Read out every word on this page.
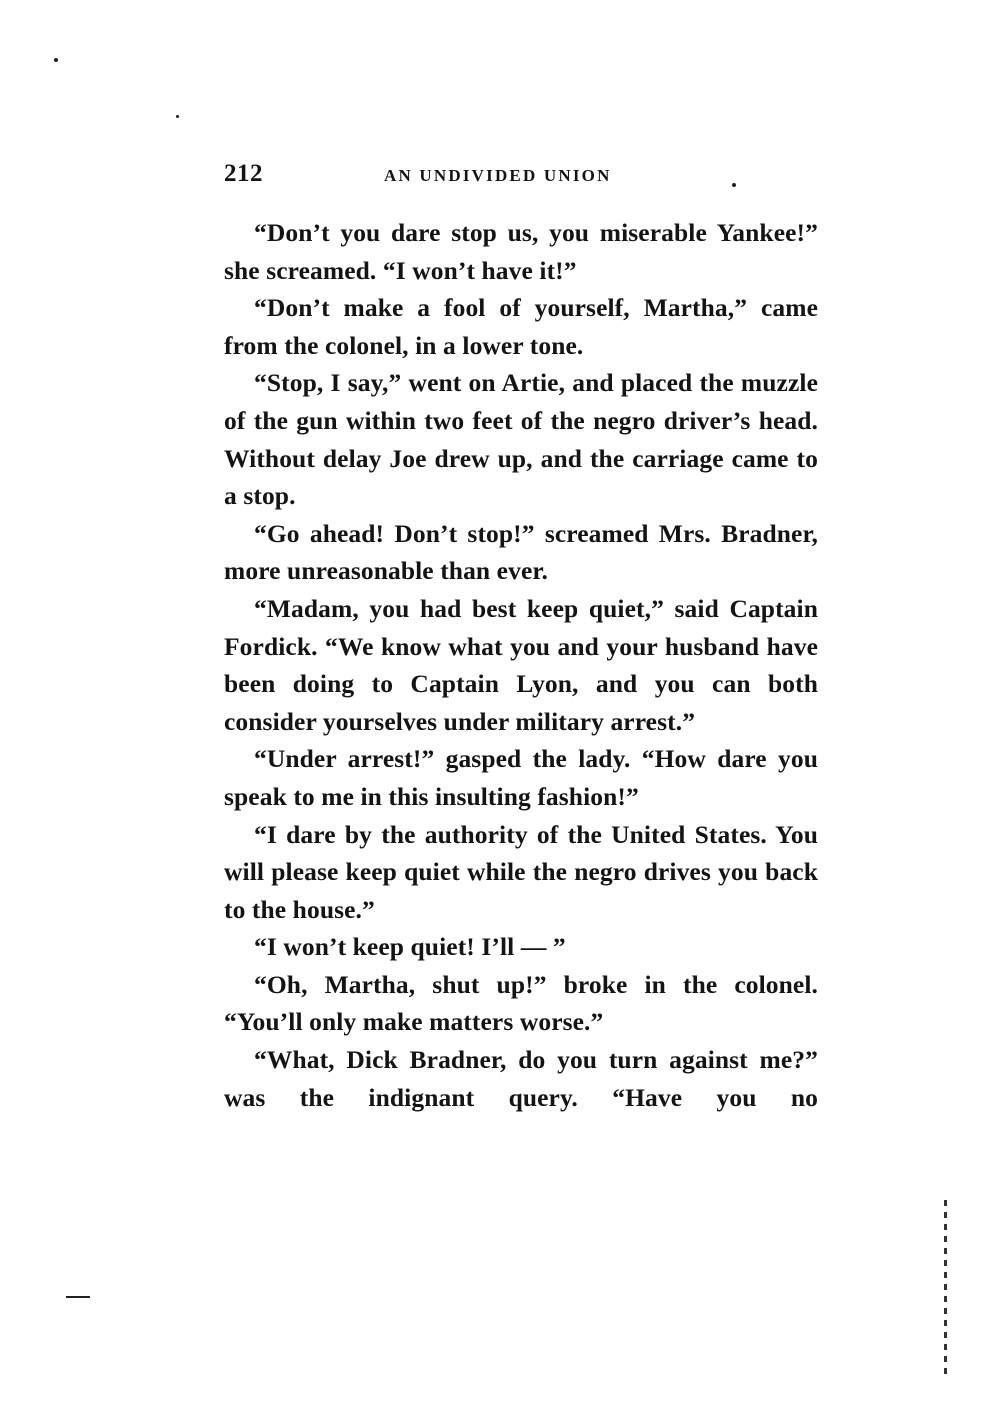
212	AN UNDIVIDED UNION

“Don’t you dare stop us, you miserable Yankee!” she screamed. “I won’t have it!”

“Don’t make a fool of yourself, Martha,” came from the colonel, in a lower tone.

“Stop, I say,” went on Artie, and placed the muzzle of the gun within two feet of the negro driver’s head. Without delay Joe drew up, and the carriage came to a stop.

“Go ahead! Don’t stop!” screamed Mrs. Bradner, more unreasonable than ever.

“Madam, you had best keep quiet,” said Captain Fordick. “We know what you and your husband have been doing to Captain Lyon, and you can both consider yourselves under military arrest.”

“Under arrest!” gasped the lady. “How dare you speak to me in this insulting fashion!”

“I dare by the authority of the United States. You will please keep quiet while the negro drives you back to the house.”

“I won’t keep quiet! I’ll — ”

“Oh, Martha, shut up!” broke in the colonel. “You’ll only make matters worse.”

“What, Dick Bradner, do you turn against me?” was the indignant query. “Have you no
